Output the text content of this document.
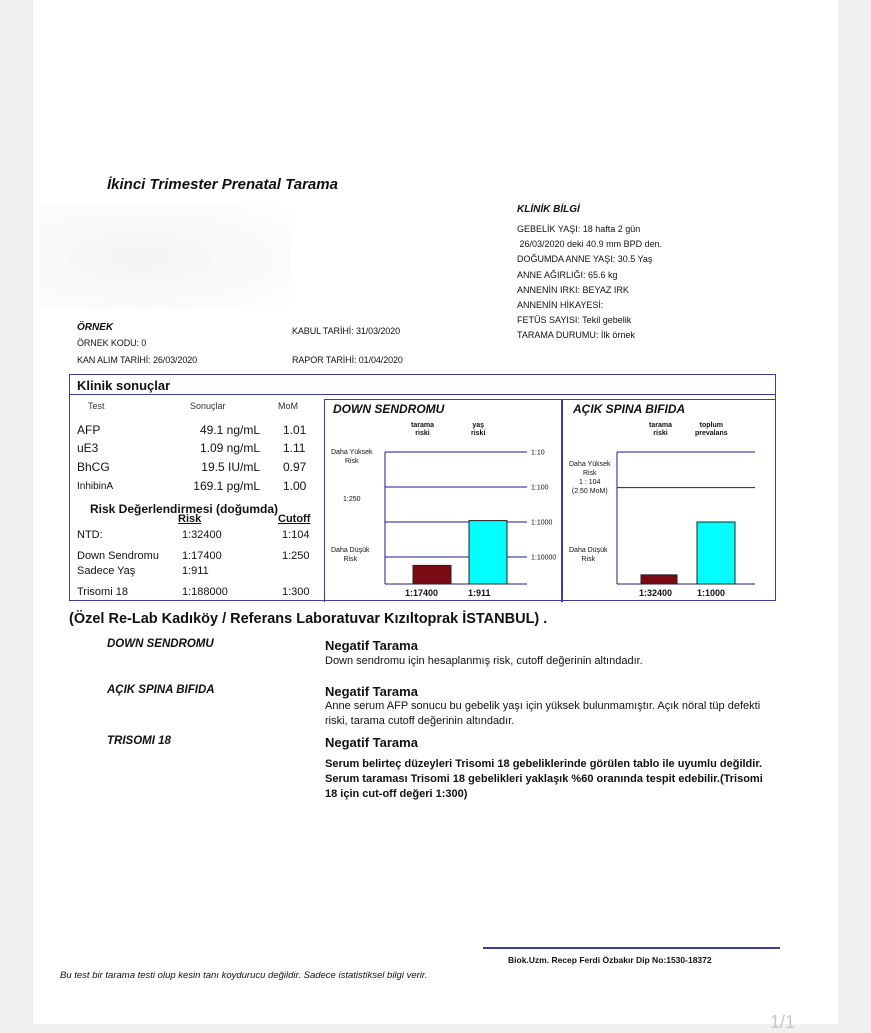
İkinci Trimester Prenatal Tarama
KLİNİK BİLGİ
GEBELİK YAŞI: 18 hafta 2 gün
26/03/2020 deki 40.9 mm BPD den.
DOĞUMDA ANNE YAŞI: 30.5 Yaş
ANNE AĞIRLIĞI: 65.6 kg
ANNENİN IRKI: BEYAZ IRK
ANNENİN HİKAYESİ:
FETÜS SAYISI: Tekil gebelik
TARAMA DURUMU: İlk örnek
ÖRNEK
ÖRNEK KODU: 0
KAN ALIM TARİHİ: 26/03/2020
KABUL TARİHİ: 31/03/2020
RAPOR TARİHİ: 01/04/2020
Klinik sonuçlar
Test	Sonuçlar	MoM
AFP	49.1 ng/mL 1.01
uE3	1.09 ng/mL 1.11
BhCG	19.5 IU/mL 0.97
InhibinA	169.1 pg/mL 1.00
Risk Değerlendirmesi (doğumda)
Risk	Cutoff
NTD:	1:32400	1:104
Down Sendromu 1:17400	1:250
Sadece Yaş	1:911
Trisomi 18	1:188000	1:300
DOWN SENDROMU
tarama
riski
yaş
riski
Daha Yüksek
Risk
1:250
Daha Düşük
Risk
1:10
1:100
1:1000
1:10000
1:17400	1:911
AÇIK SPINA BIFIDA
tarama
riski
toplum
prevalans
Daha Yüksek
Risk
1 : 104
(2.50 MoM)
Daha Düşük
Risk
1:32400	1:1000
(Özel Re-Lab Kadıköy / Referans Laboratuvar Kızıltoprak İSTANBUL) .
DOWN SENDROMU	Negatif Tarama
Down sendromu için hesaplanmış risk, cutoff değerinin altındadır.
AÇIK SPINA BIFIDA	Negatif Tarama
Anne serum AFP sonucu bu gebelik yaşı için yüksek bulunmamıştır. Açık nöral tüp defekti riski, tarama cutoff değerinin altındadır.
TRISOMI 18	Negatif Tarama
Serum belirteç düzeyleri Trisomi 18 gebeliklerinde görülen tablo ile uyumlu değildir. Serum taraması Trisomi 18 gebelikleri yaklaşık %60 oranında tespit edebilir.(Trisomi 18 için cut-off değeri 1:300)
Biok.Uzm. Recep Ferdi Özbakır Dip No:1530-18372
Bu test bir tarama testi olup kesin tanı koydurucu değildir. Sadece istatistiksel bilgi verir.
1/1
